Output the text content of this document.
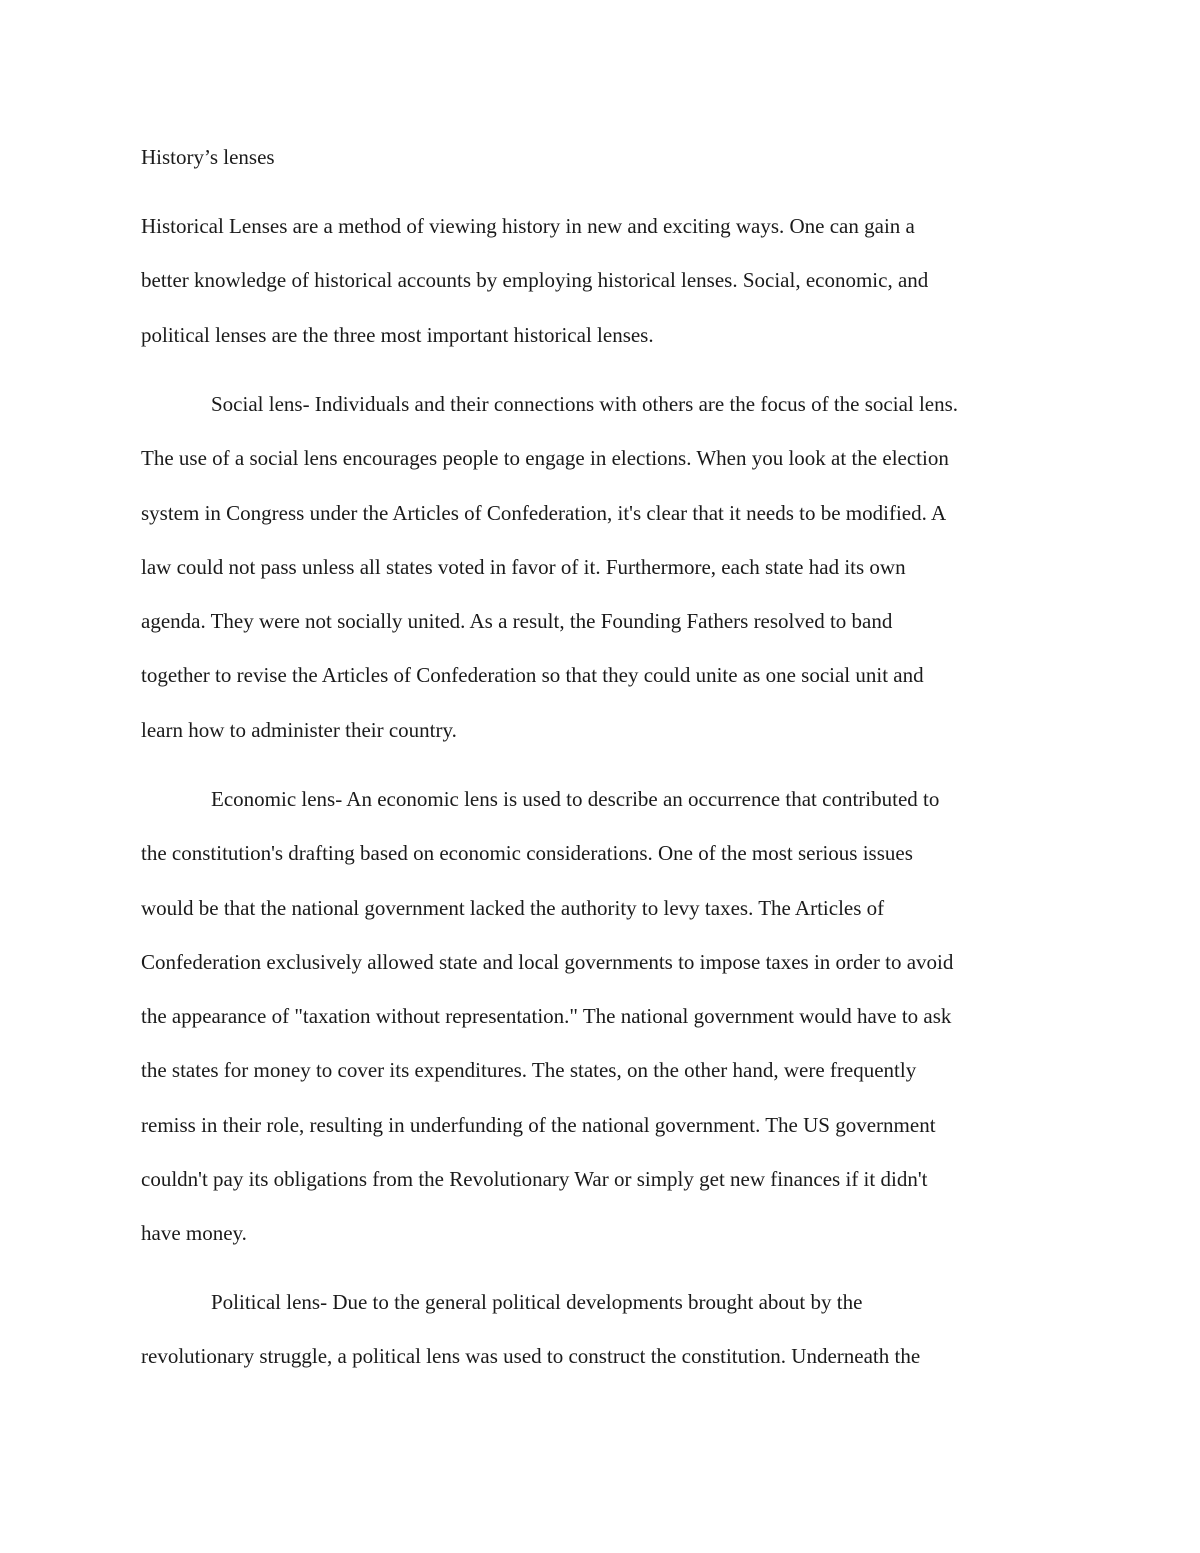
History’s lenses

Historical Lenses are a method of viewing history in new and exciting ways. One can gain a
better knowledge of historical accounts by employing historical lenses. Social, economic, and
political lenses are the three most important historical lenses.

Social lens- Individuals and their connections with others are the focus of the social lens.
The use of a social lens encourages people to engage in elections. When you look at the election
system in Congress under the Articles of Confederation, it's clear that it needs to be modified. A
law could not pass unless all states voted in favor of it. Furthermore, each state had its own
agenda. They were not socially united. As a result, the Founding Fathers resolved to band
together to revise the Articles of Confederation so that they could unite as one social unit and
learn how to administer their country.

Economic lens- An economic lens is used to describe an occurrence that contributed to
the constitution's drafting based on economic considerations. One of the most serious issues
would be that the national government lacked the authority to levy taxes. The Articles of
Confederation exclusively allowed state and local governments to impose taxes in order to avoid
the appearance of "taxation without representation." The national government would have to ask
the states for money to cover its expenditures. The states, on the other hand, were frequently
remiss in their role, resulting in underfunding of the national government. The US government
couldn't pay its obligations from the Revolutionary War or simply get new finances if it didn't
have money.

Political lens- Due to the general political developments brought about by the
revolutionary struggle, a political lens was used to construct the constitution. Underneath the
